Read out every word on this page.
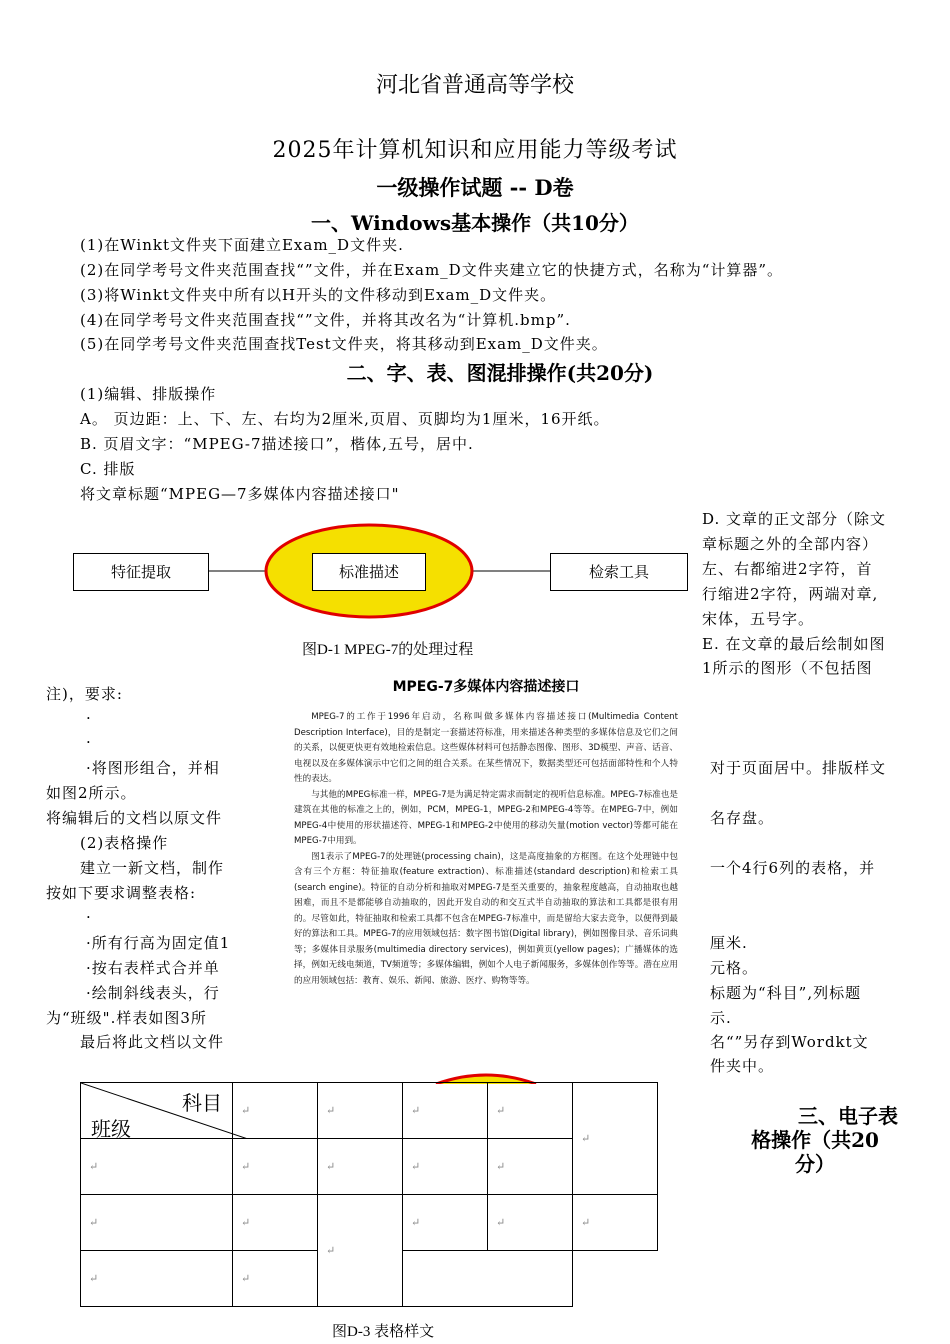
河北省普通高等学校
2025年计算机知识和应用能力等级考试
一级操作试题 -- D卷
一、Windows基本操作（共10分）
(1)在Winkt文件夹下面建立Exam_D文件夹.
(2)在同学考号文件夹范围查找“”文件，并在Exam_D文件夹建立它的快捷方式，名称为“计算器”。
(3)将Winkt文件夹中所有以H开头的文件移动到Exam_D文件夹。
(4)在同学考号文件夹范围查找“”文件，并将其改名为“计算机.bmp”.
(5)在同学考号文件夹范围查找Test文件夹，将其移动到Exam_D文件夹。
二、字、表、图混排操作(共20分)
(1)编辑、排版操作
A。 页边距：上、下、左、右均为2厘米,页眉、页脚均为1厘米，16开纸。
B. 页眉文字：“MPEG-7描述接口”，楷体,五号，居中.
C. 排版
将文章标题“MPEG—7多媒体内容描述接口"
D. 文章的正文部分（除文
章标题之外的全部内容）
左、右都缩进2字符，首
行缩进2字符，两端对章,
宋体，五号字。
E. 在文章的最后绘制如图
1所示的图形（不包括图
特征提取	标准描述	检索工具
图D-1 MPEG-7的处理过程
注)，要求:
·
·
·将图形组合，并相
如图2所示。
将编辑后的文档以原文件
(2)表格操作
建立一新文档，制作
按如下要求调整表格:
·
·所有行高为固定值1
·按右表样式合并单
·绘制斜线表头，行
为“班级".样表如图3所
最后将此文档以文件
对于页面居中。排版样文
名存盘。
一个4行6列的表格，并
厘米.
元格。
标题为“科目”,列标题
示.
名“”另存到Wordkt文
件夹中。
MPEG-7多媒体内容描述接口

MPEG-7的工作于1996年启动，名称叫做多媒体内容描述接口(Multimedia Content Description Interface)，目的是制定一套描述符标准，用来描述各种类型的多媒体信息及它们之间的关系，以便更快更有效地检索信息。这些媒体材料可包括静态图像、图形、3D模型、声音、话音、电视以及在多媒体演示中它们之间的组合关系。在某些情况下，数据类型还可包括面部特性和个人特性的表达。

与其他的MPEG标准一样，MPEG-7是为满足特定需求而制定的视听信息标准。MPEG-7标准也是建筑在其他的标准之上的，例如，PCM，MPEG-1，MPEG-2和MPEG-4等等。在MPEG-7中，例如MPEG-4中使用的形状描述符、MPEG-1和MPEG-2中使用的移动矢量(motion vector)等都可能在MPEG-7中用到。

图1表示了MPEG-7的处理链(processing chain)，这是高度抽象的方框图。在这个处理链中包含有三个方框：特征抽取(feature extraction)、标准描述(standard description)和检索工具(search engine)。特征的自动分析和抽取对MPEG-7是至关重要的，抽象程度越高，自动抽取也越困难，而且不是都能够自动抽取的，因此开发自动的和交互式半自动抽取的算法和工具都是很有用的。尽管如此，特征抽取和检索工具都不包含在MPEG-7标准中，而是留给大家去竞争，以便得到最好的算法和工具。MPEG-7的应用领域包括：数字图书馆(Digital library)，例如图像目录、音乐词典等；多媒体目录服务(multimedia directory services)，例如黄页(yellow pages)；广播媒体的选择，例如无线电频道，TV频道等；多媒体编辑，例如个人电子新闻服务，多媒体创作等等。潜在应用的应用领域包括：教育、娱乐、新闻、旅游、医疗、购物等等。

三、电子表
格操作（共20
分）
科目
班级	↵	↵	↵	↵	↵
↵	↵	↵	↵	↵	
↵	↵	↵	↵	↵	↵
↵	↵				
图D-3 表格样文
